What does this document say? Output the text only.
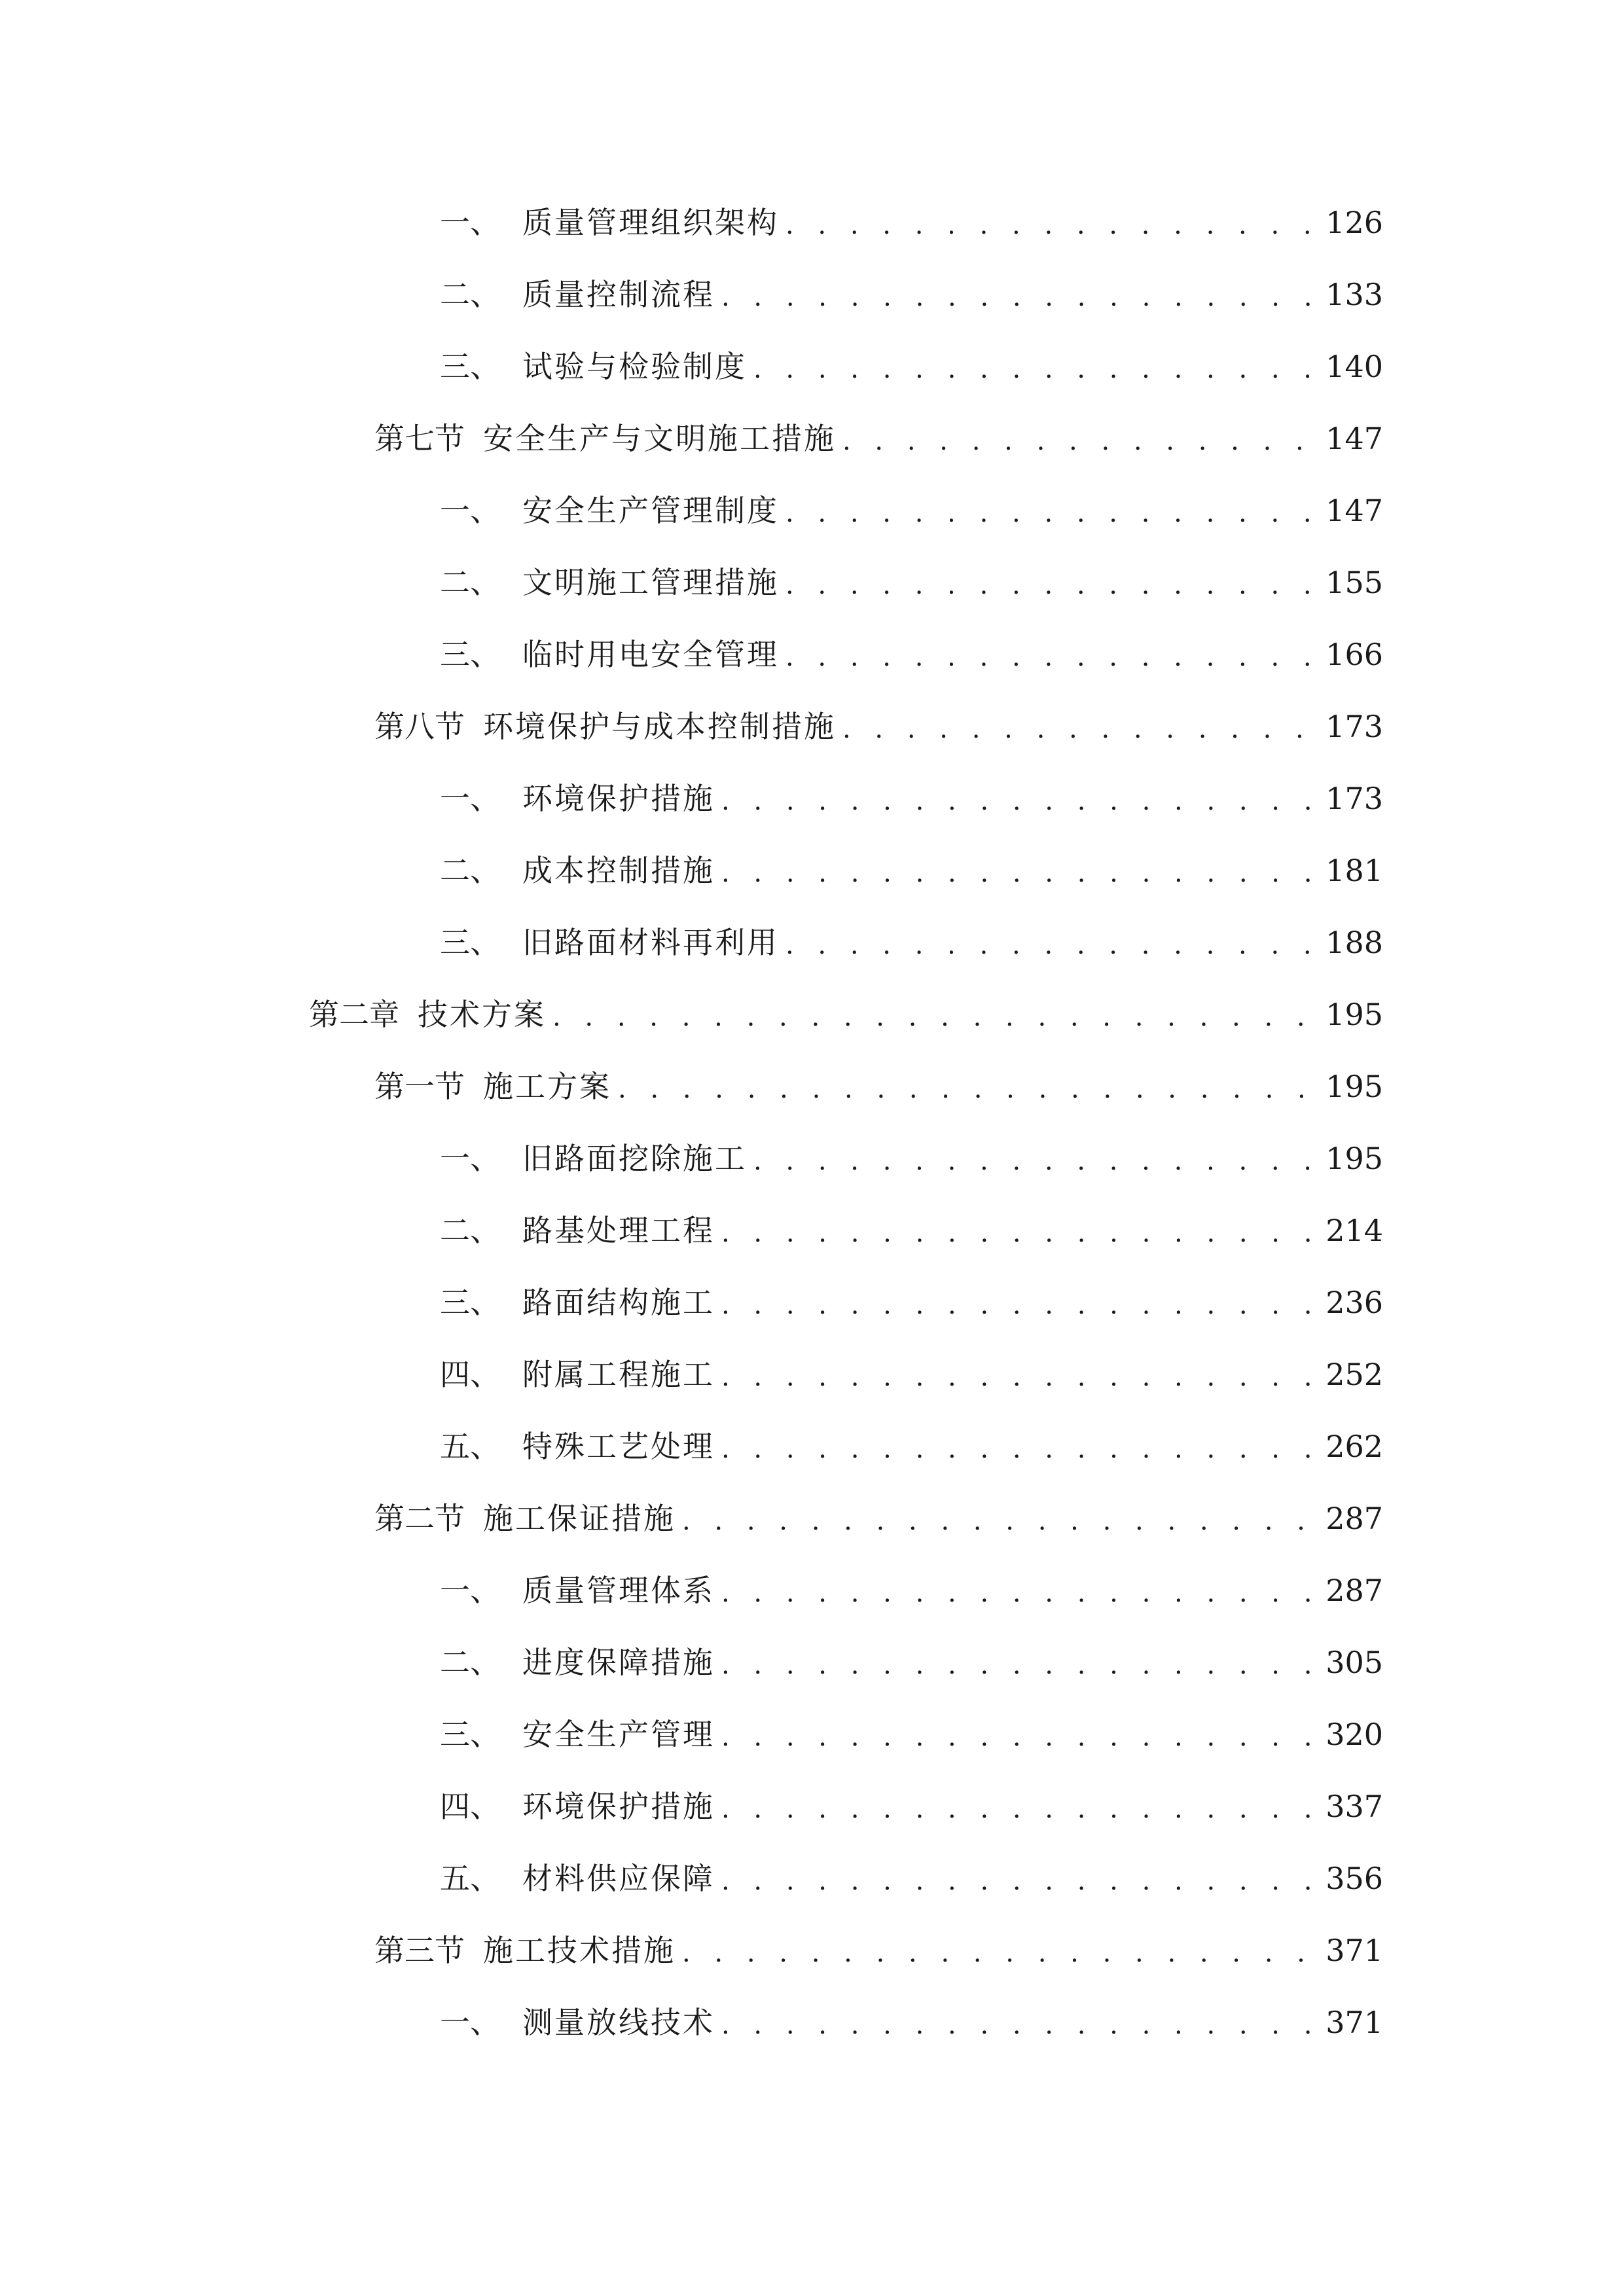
一、 质量管理组织架构 . . .	126
二、 质量控制流程 . . .	133
三、 试验与检验制度 . . .	140
第七节 安全生产与文明施工措施 . . .	147
一、 安全生产管理制度 . . .	147
二、 文明施工管理措施 . . .	155
三、 临时用电安全管理 . . .	166
第八节 环境保护与成本控制措施 . . .	173
一、 环境保护措施 . . .	173
二、 成本控制措施 . . .	181
三、 旧路面材料再利用 . . .	188
第二章 技术方案 . . .	195
第一节 施工方案 . . .	195
一、 旧路面挖除施工 . . .	195
二、 路基处理工程 . . .	214
三、 路面结构施工 . . .	236
四、 附属工程施工 . . .	252
五、 特殊工艺处理 . . .	262
第二节 施工保证措施 . . .	287
一、 质量管理体系 . . .	287
二、 进度保障措施 . . .	305
三、 安全生产管理 . . .	320
四、 环境保护措施 . . .	337
五、 材料供应保障 . . .	356
第三节 施工技术措施 . . .	371
一、 测量放线技术 . . .	371
